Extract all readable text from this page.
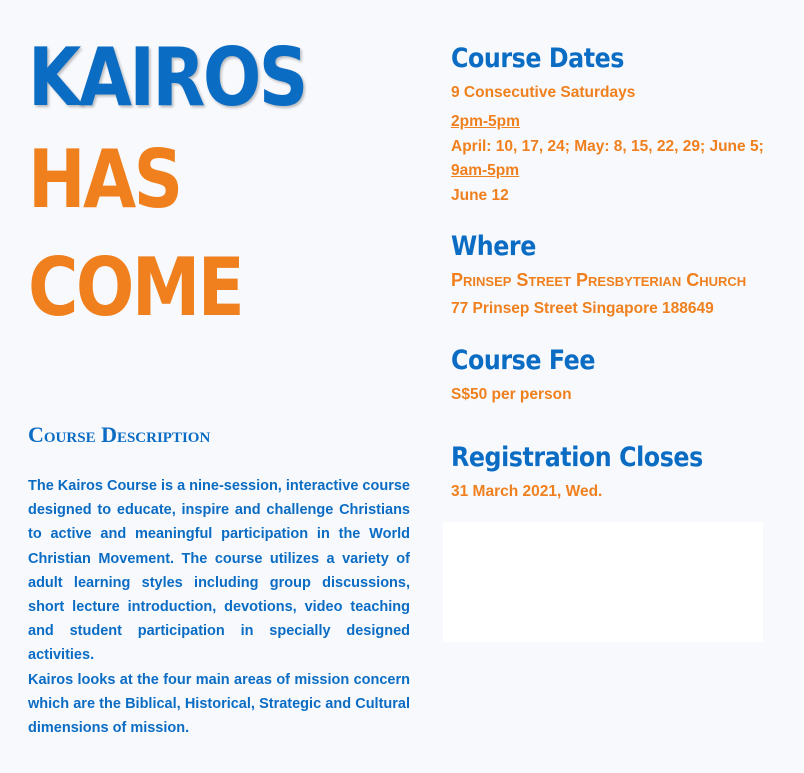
KAIROS
HAS
COME
Course Description

The Kairos Course is a nine-session, interactive course designed to educate, inspire and challenge Christians to active and meaningful participation in the World Christian Movement. The course utilizes a variety of adult learning styles including group discussions, short lecture introduction, devotions, video teaching and student participation in specially designed activities.

Kairos looks at the four main areas of mission concern which are the Biblical, Historical, Strategic and Cultural dimensions of mission.

Course Dates
9 Consecutive Saturdays
2pm-5pm
April: 10, 17, 24; May: 8, 15, 22, 29; June 5;
9am-5pm
June 12
Where
Prinsep Street Presbyterian Church
77 Prinsep Street Singapore 188649
Course Fee
S$50 per person
Registration Closes
31 March 2021, Wed.
